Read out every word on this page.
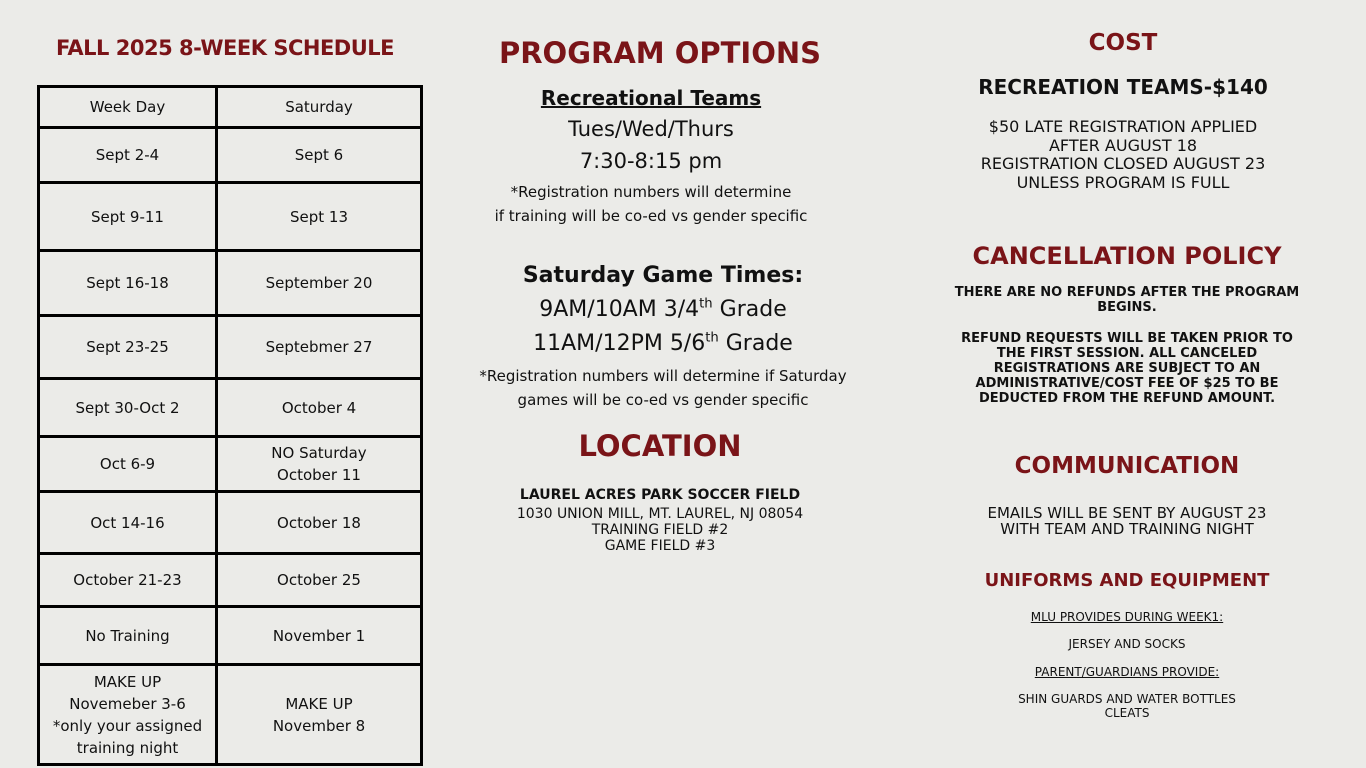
FALL 2025 8-WEEK SCHEDULE
Week Day	Saturday

Sept 2-4	Sept 6

Sept 9-11	Sept 13

Sept 16-18	September 20

Sept 23-25	Septebmer 27

Sept 30-Oct 2	October 4

Oct 6-9	NO Saturday
October 11

Oct 14-16	October 18

October 21-23	October 25

No Training	November 1

MAKE UP
Novemeber 3-6
*only your assigned
training night	MAKE UP
November 8
PROGRAM OPTIONS
Recreational Teams
Tues/Wed/Thurs
7:30-8:15 pm
*Registration numbers will determine
if training will be co-ed vs gender specific
Saturday Game Times:
9AM/10AM 3/4th Grade
11AM/12PM 5/6th Grade
*Registration numbers will determine if Saturday
games will be co-ed vs gender specific
LOCATION
LAUREL ACRES PARK SOCCER FIELD
1030 UNION MILL, MT. LAUREL, NJ 08054
TRAINING FIELD #2
GAME FIELD #3
COST
RECREATION TEAMS-$140
$50 LATE REGISTRATION APPLIED
AFTER AUGUST 18
REGISTRATION CLOSED AUGUST 23
UNLESS PROGRAM IS FULL
CANCELLATION POLICY
THERE ARE NO REFUNDS AFTER THE PROGRAM BEGINS.
REFUND REQUESTS WILL BE TAKEN PRIOR TO THE FIRST SESSION. ALL CANCELED REGISTRATIONS ARE SUBJECT TO AN ADMINISTRATIVE/COST FEE OF $25 TO BE DEDUCTED FROM THE REFUND AMOUNT.
COMMUNICATION
EMAILS WILL BE SENT BY AUGUST 23
WITH TEAM AND TRAINING NIGHT
UNIFORMS AND EQUIPMENT
MLU PROVIDES DURING WEEK1:
JERSEY AND SOCKS
PARENT/GUARDIANS PROVIDE:
SHIN GUARDS AND WATER BOTTLES
CLEATS
